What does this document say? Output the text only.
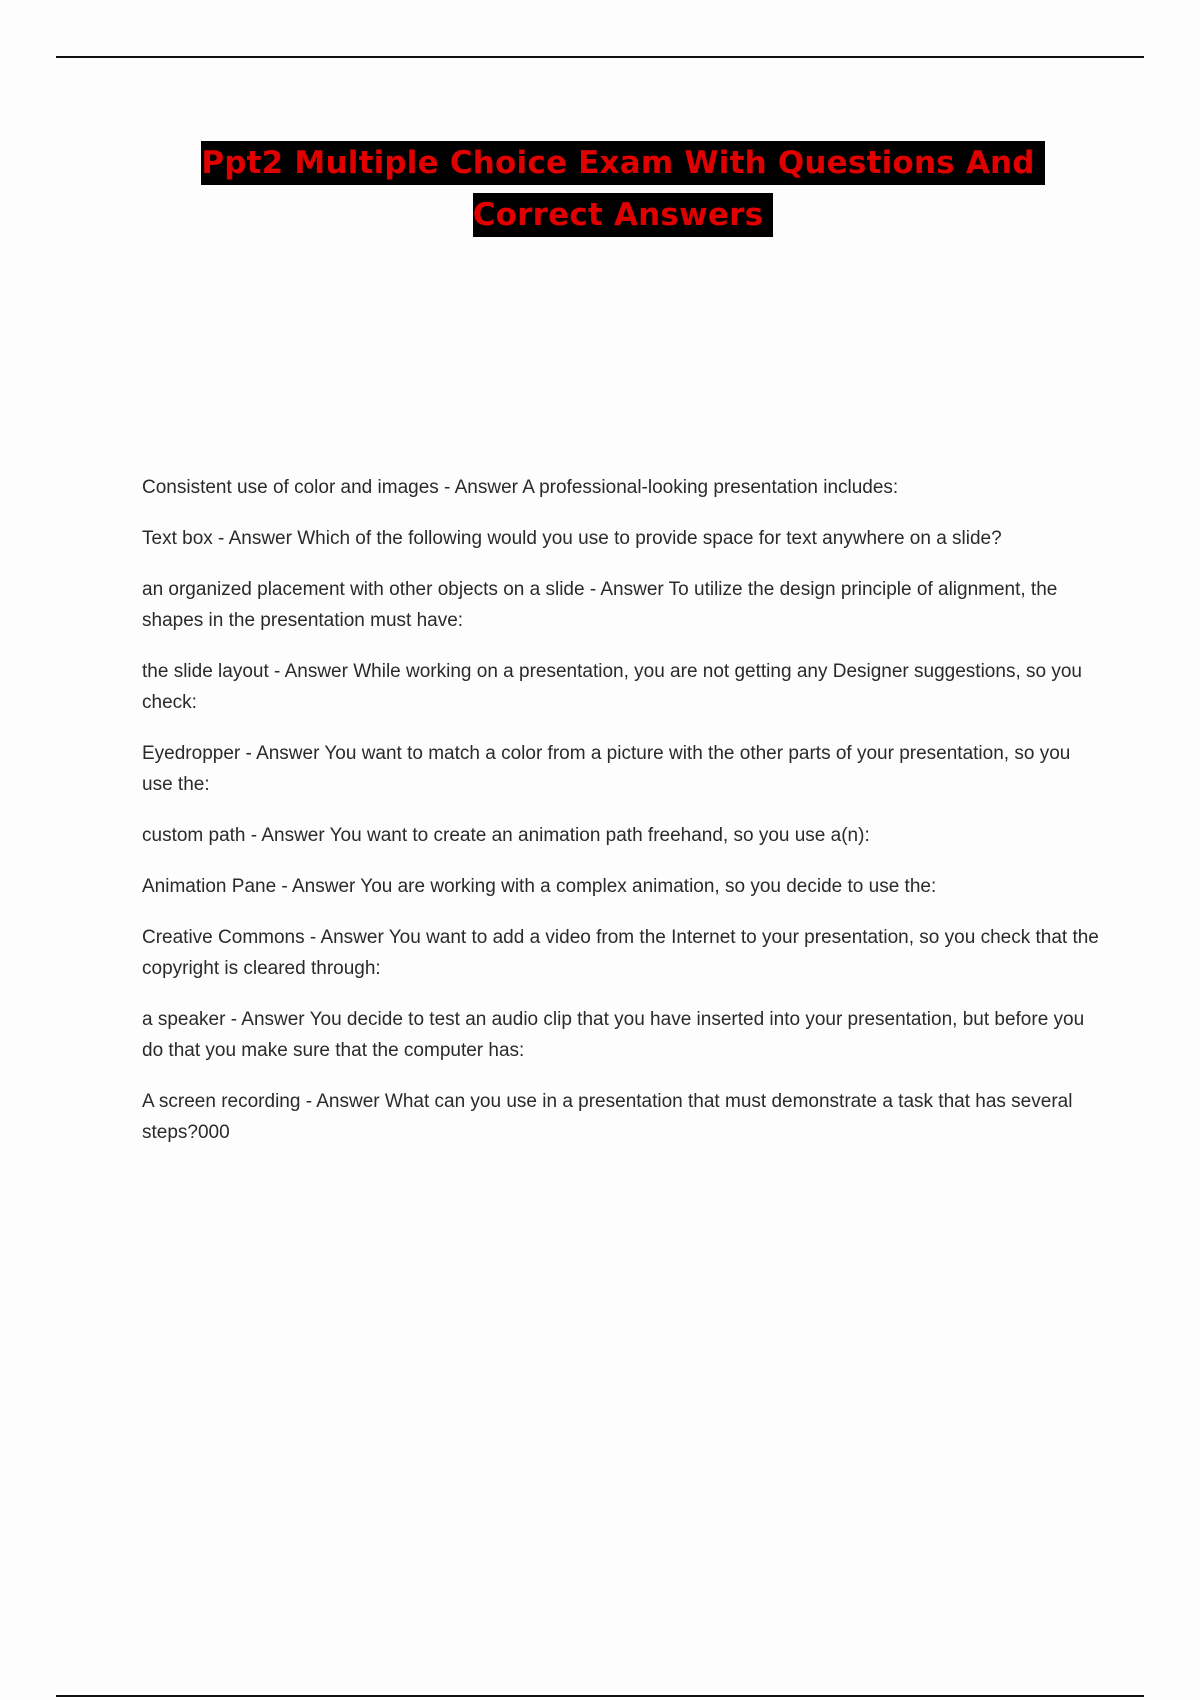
Ppt2 Multiple Choice Exam With Questions And
Correct Answers
Consistent use of color and images - Answer A professional-looking presentation includes:
Text box - Answer Which of the following would you use to provide space for text anywhere on a slide?
an organized placement with other objects on a slide - Answer To utilize the design principle of alignment, the shapes in the presentation must have:
the slide layout - Answer While working on a presentation, you are not getting any Designer suggestions, so you check:
Eyedropper - Answer You want to match a color from a picture with the other parts of your presentation, so you use the:
custom path - Answer You want to create an animation path freehand, so you use a(n):
Animation Pane - Answer You are working with a complex animation, so you decide to use the:
Creative Commons - Answer You want to add a video from the Internet to your presentation, so you check that the copyright is cleared through:
a speaker - Answer You decide to test an audio clip that you have inserted into your presentation, but before you do that you make sure that the computer has:
A screen recording - Answer What can you use in a presentation that must demonstrate a task that has several steps?000
